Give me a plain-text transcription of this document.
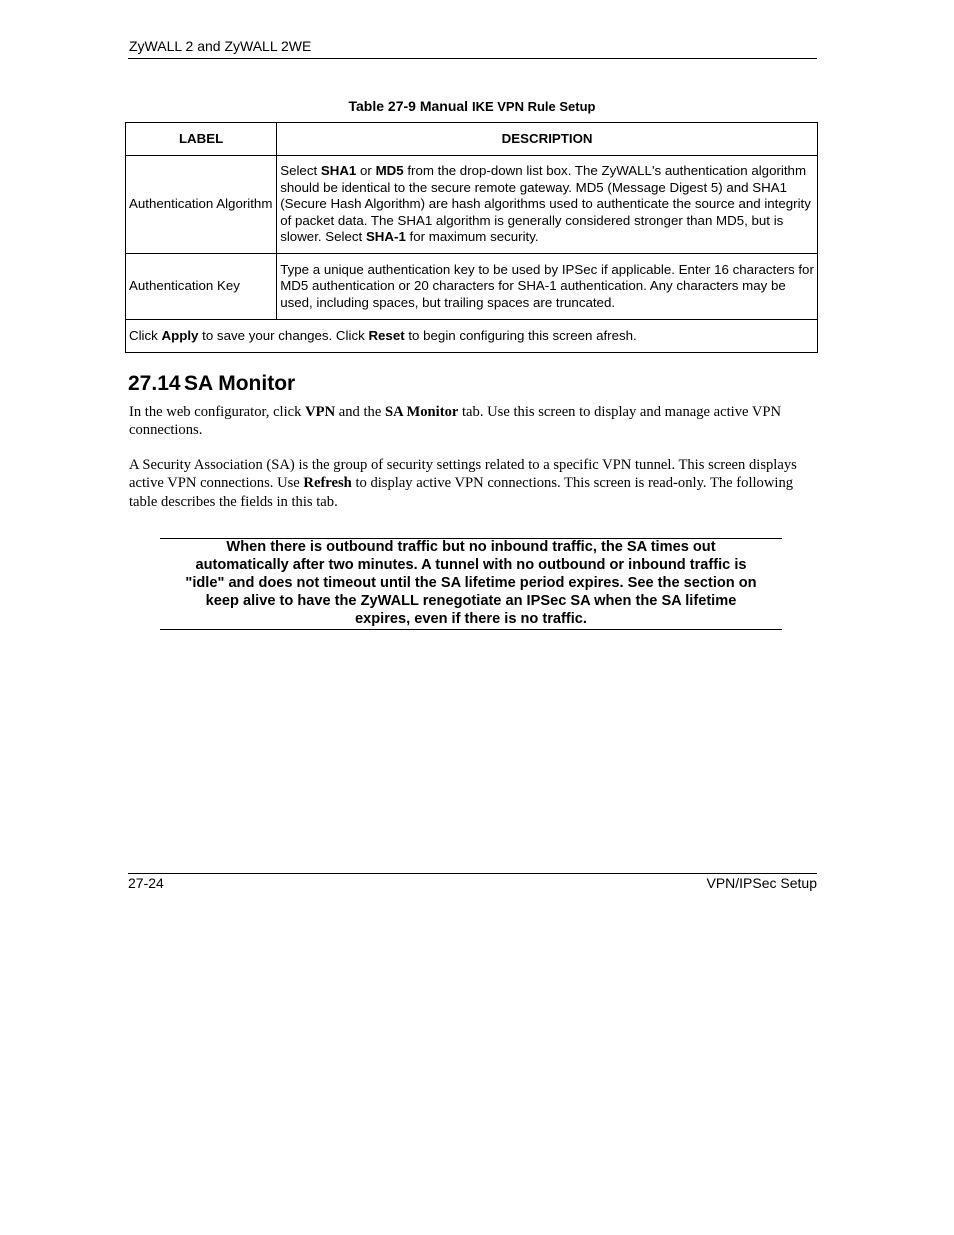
ZyWALL 2 and ZyWALL 2WE
Table 27-9 Manual IKE VPN Rule Setup
LABEL	DESCRIPTION
Authentication Algorithm	Select SHA1 or MD5 from the drop-down list box. The ZyWALL's authentication algorithm should be identical to the secure remote gateway. MD5 (Message Digest 5) and SHA1 (Secure Hash Algorithm) are hash algorithms used to authenticate the source and integrity of packet data. The SHA1 algorithm is generally considered stronger than MD5, but is slower. Select SHA-1 for maximum security.
Authentication Key	Type a unique authentication key to be used by IPSec if applicable. Enter 16 characters for MD5 authentication or 20 characters for SHA-1 authentication. Any characters may be used, including spaces, but trailing spaces are truncated.
Click Apply to save your changes. Click Reset to begin configuring this screen afresh.	
27.14 SA Monitor
In the web configurator, click VPN and the SA Monitor tab. Use this screen to display and manage active VPN connections.
A Security Association (SA) is the group of security settings related to a specific VPN tunnel. This screen displays active VPN connections. Use Refresh to display active VPN connections. This screen is read-only. The following table describes the fields in this tab.
When there is outbound traffic but no inbound traffic, the SA times out
automatically after two minutes. A tunnel with no outbound or inbound traffic is
"idle" and does not timeout until the SA lifetime period expires. See the section on
keep alive to have the ZyWALL renegotiate an IPSec SA when the SA lifetime
expires, even if there is no traffic.
27-24	VPN/IPSec Setup
